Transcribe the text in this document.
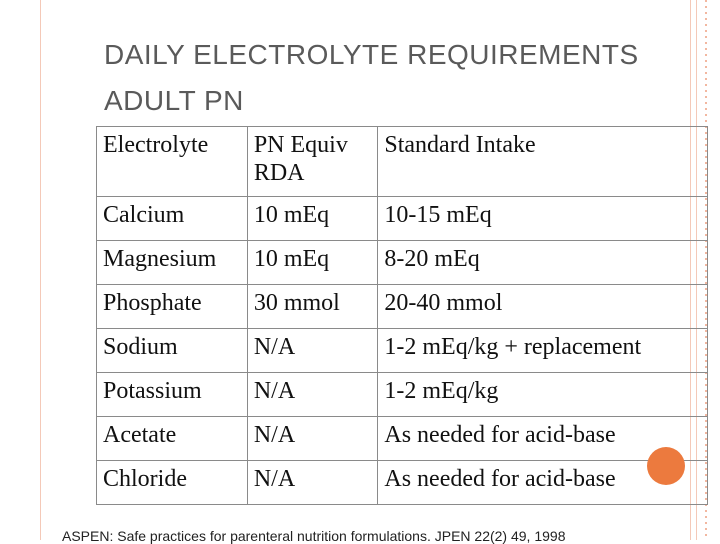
DAILY ELECTROLYTE REQUIREMENTS ADULT PN
Electrolyte	PN Equiv RDA	Standard Intake
Calcium	10 mEq	10-15 mEq
Magnesium	10 mEq	8-20 mEq
Phosphate	30 mmol	20-40 mmol
Sodium	N/A	1-2 mEq/kg + replacement
Potassium	N/A	1-2 mEq/kg
Acetate	N/A	As needed for acid-base
Chloride	N/A	As needed for acid-base
ASPEN: Safe practices for parenteral nutrition formulations. JPEN 22(2) 49, 1998
